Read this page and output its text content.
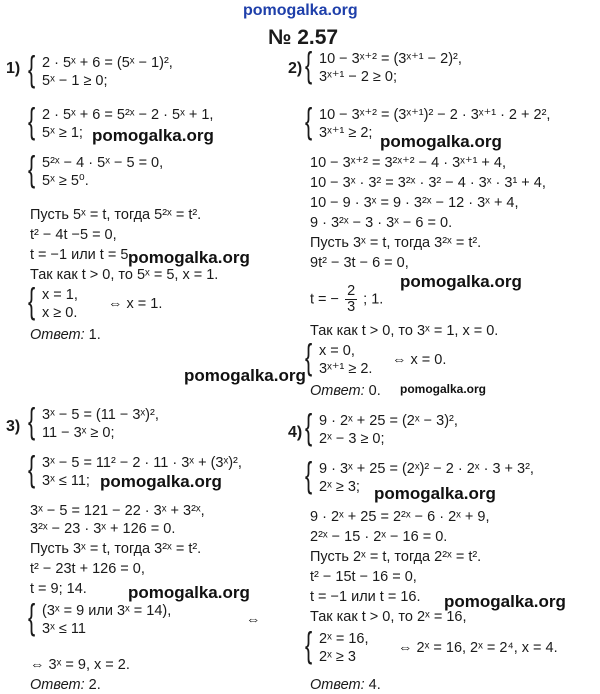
pomogalka.org
№ 2.57
1) { 2 · 5ˣ + 6 = (5ˣ − 1)²,
5ˣ − 1 ≥ 0;
{ 2 · 5ˣ + 6 = 5²ˣ − 2 · 5ˣ + 1,
5ˣ ≥ 1;
{ 5²ˣ − 4 · 5ˣ − 5 = 0,
5ˣ ≥ 5⁰.
Пусть 5ˣ = t, тогда 5²ˣ = t².
t² − 4t −5 = 0,
t = −1 или t = 5.
Так как t > 0, то 5ˣ = 5, x = 1.
{ x = 1,
x ≥ 0.
⇔ x = 1.
Ответ: 1.
2) { 10 − 3ˣ⁺² = (3ˣ⁺¹ − 2)²,
3ˣ⁺¹ − 2 ≥ 0;
{ 10 − 3ˣ⁺² = (3ˣ⁺¹)² − 2 · 3ˣ⁺¹ · 2 + 2²,
3ˣ⁺¹ ≥ 2;
10 − 3ˣ⁺² = 3²ˣ⁺² − 4 · 3ˣ⁺¹ + 4,
10 − 3ˣ · 3² = 3²ˣ · 3² − 4 · 3ˣ · 3¹ + 4,
10 − 9 · 3ˣ = 9 · 3²ˣ − 12 · 3ˣ + 4,
9 · 3²ˣ − 3 · 3ˣ − 6 = 0.
Пусть 3ˣ = t, тогда 3²ˣ = t².
9t² − 3t − 6 = 0,
t = − $\frac{2}{3}$ ; 1.
Так как t > 0, то 3ˣ = 1, x = 0.
{ x = 0,
3ˣ⁺¹ ≥ 2.
⇔ x = 0.
Ответ: 0.
3) { 3ˣ − 5 = (11 − 3ˣ)²,
11 − 3ˣ ≥ 0;
{ 3ˣ − 5 = 11² − 2 · 11 · 3ˣ + (3ˣ)²,
3ˣ ≤ 11;
3ˣ − 5 = 121 − 22 · 3ˣ + 3²ˣ,
3²ˣ − 23 · 3ˣ + 126 = 0.
Пусть 3ˣ = t, тогда 3²ˣ = t².
t² − 23t + 126 = 0,
t = 9; 14.
{ (3ˣ = 9 или 3ˣ = 14),
3ˣ ≤ 11
⇔
⇔ 3ˣ = 9, x = 2.
Ответ: 2.
4) { 9 · 2ˣ + 25 = (2ˣ − 3)²,
2ˣ − 3 ≥ 0;
{ 9 · 3ˣ + 25 = (2ˣ)² − 2 · 2ˣ · 3 + 3²,
2ˣ ≥ 3;
9 · 2ˣ + 25 = 2²ˣ − 6 · 2ˣ + 9,
2²ˣ − 15 · 2ˣ − 16 = 0.
Пусть 2ˣ = t, тогда 2²ˣ = t².
t² − 15t − 16 = 0,
t = −1 или t = 16.
Так как t > 0, то 2ˣ = 16,
{ 2ˣ = 16,
2ˣ ≥ 3
⇔ 2ˣ = 16, 2ˣ = 2⁴, x = 4.
Ответ: 4.
pomogalka.org	pomogalka.org
pomogalka.org
pomogalka.org
pomogalka.org
pomogalka.org
pomogalka.org
pomogalka.org
pomogalka.org	pomogalka.org
